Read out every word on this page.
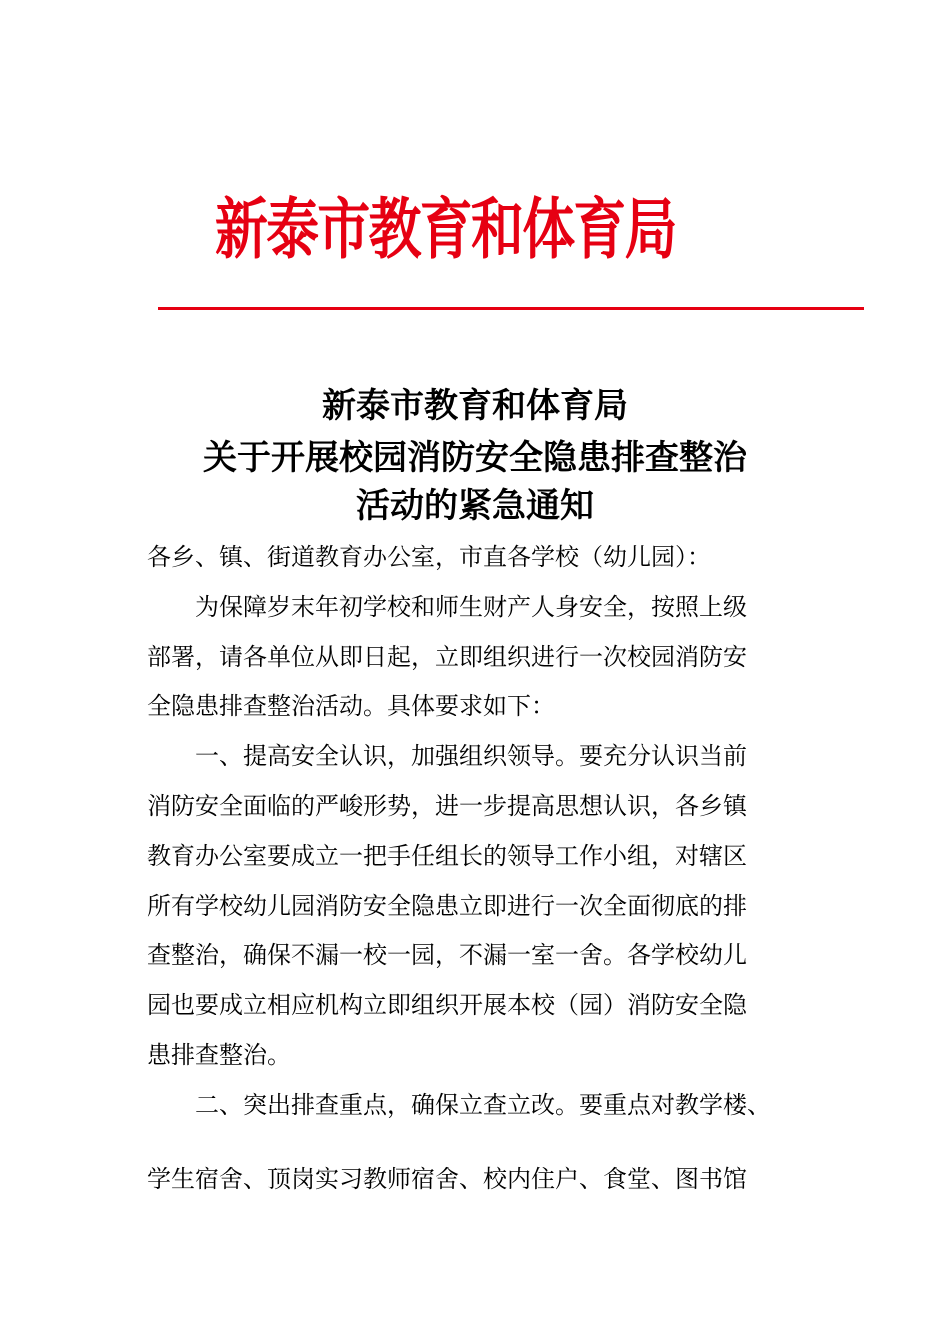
新泰市教育和体育局
新泰市教育和体育局
关于开展校园消防安全隐患排查整治
活动的紧急通知

各乡、镇、街道教育办公室，市直各学校（幼儿园）：

为保障岁末年初学校和师生财产人身安全，按照上级

部署，请各单位从即日起，立即组织进行一次校园消防安

全隐患排查整治活动。具体要求如下：

一、提高安全认识，加强组织领导。要充分认识当前

消防安全面临的严峻形势，进一步提高思想认识，各乡镇

教育办公室要成立一把手任组长的领导工作小组，对辖区

所有学校幼儿园消防安全隐患立即进行一次全面彻底的排

查整治，确保不漏一校一园，不漏一室一舍。各学校幼儿

园也要成立相应机构立即组织开展本校（园）消防安全隐

患排查整治。

二、突出排查重点，确保立查立改。要重点对教学楼、

学生宿舍、顶岗实习教师宿舍、校内住户、食堂、图书馆
